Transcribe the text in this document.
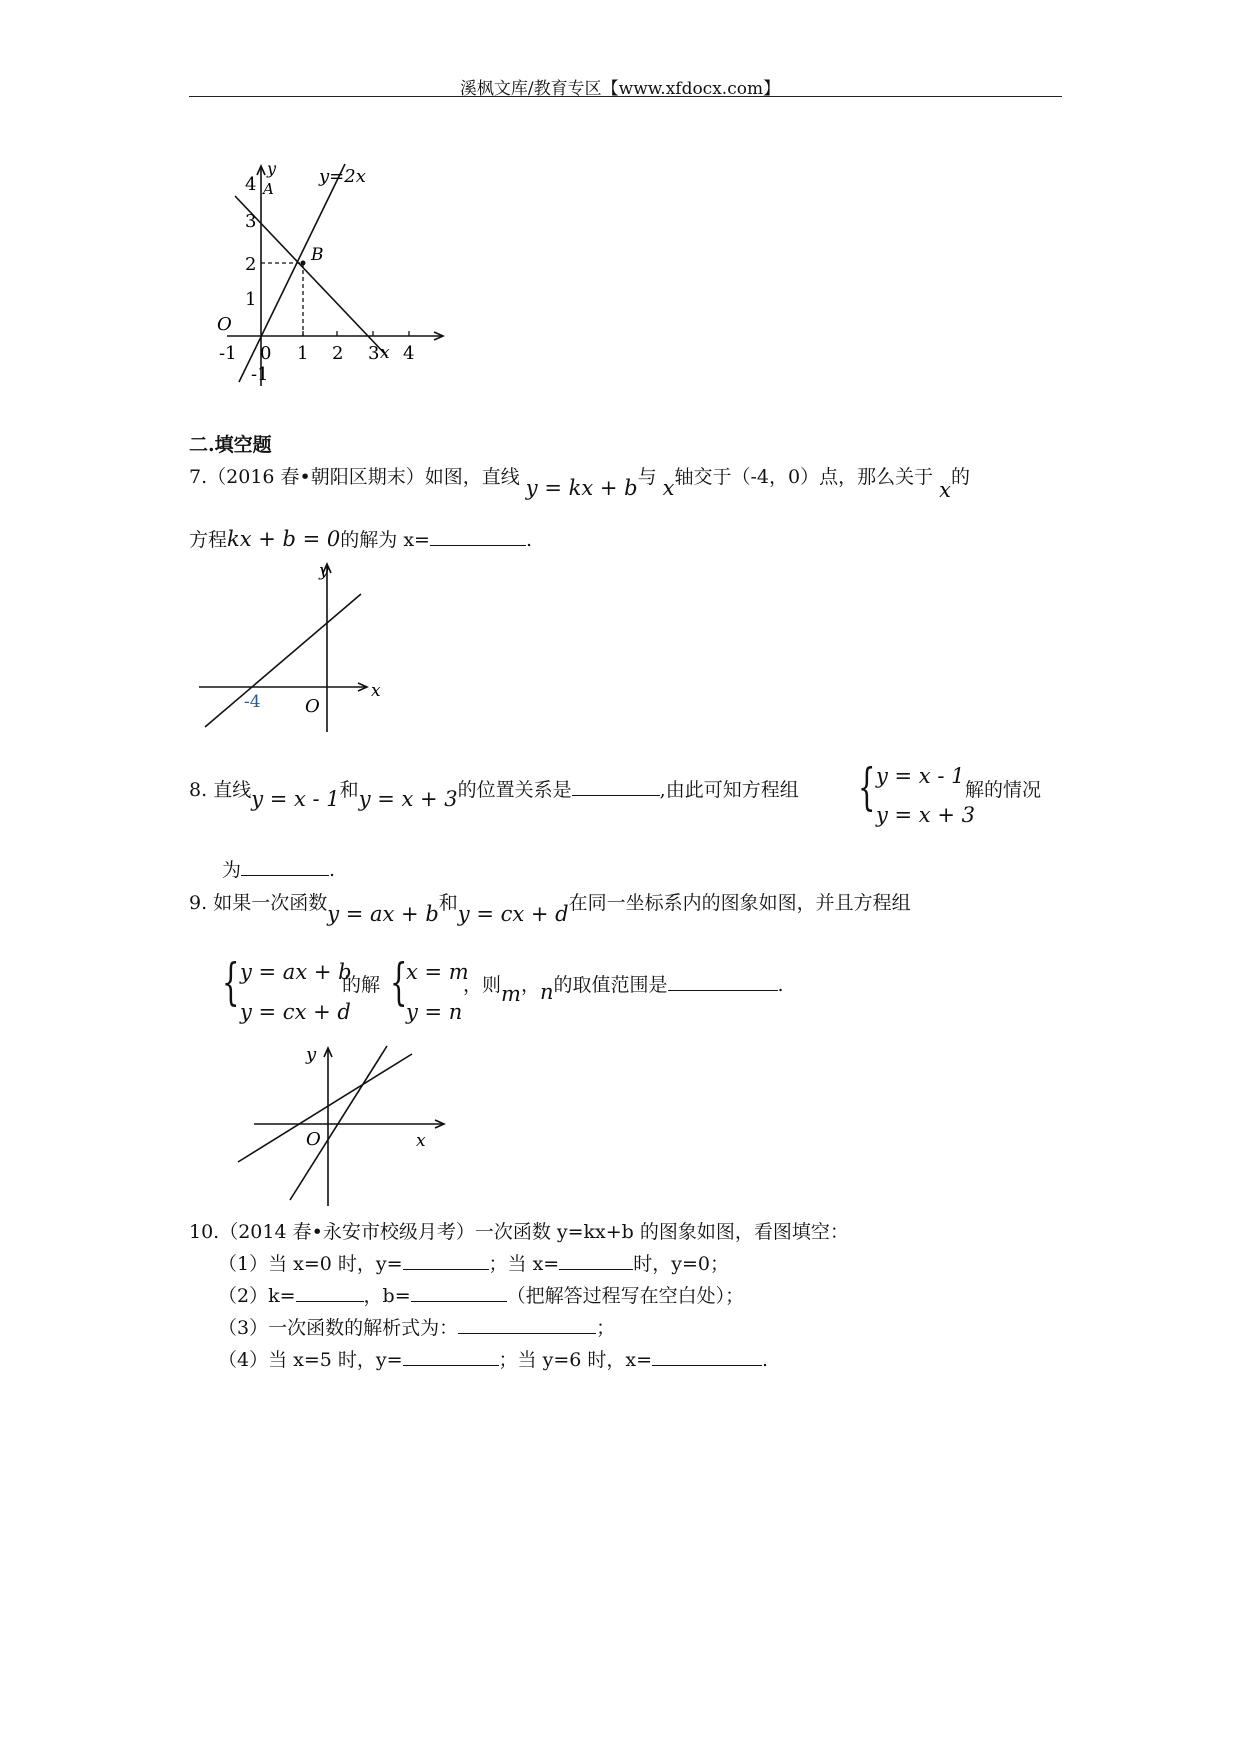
溪枫文库/教育专区【www.xfdocx.com】
y=2x
y
x
O
A
B
-1 0 1 2 3 4
4
3
2
1
-1
二.填空题
7.（2016 春•朝阳区期末）如图，直线 y = kx + b与 x轴交于（-4，0）点，那么关于 x的
方程kx + b = 0的解为 x=	.
y
x
O
-4
8. 直线y = x - 1和y = x + 3的位置关系是	,由此可知方程组 { y = x - 1
y = x + 3
解的情况
为	.
9. 如果一次函数y = ax + b和y = cx + d在同一坐标系内的图象如图，并且方程组
{ y = ax + b
y = cx + d
的解 {
x = m
y = n
，则m，n的取值范围是	.
y
x
O
10.（2014 春•永安市校级月考）一次函数 y=kx+b 的图象如图，看图填空：
（1）当 x=0 时，y=	；当 x=	时，y=0；
（2）k=	，b=	（把解答过程写在空白处）；
（3）一次函数的解析式为：	；
（4）当 x=5 时，y=	；当 y=6 时，x=	.
